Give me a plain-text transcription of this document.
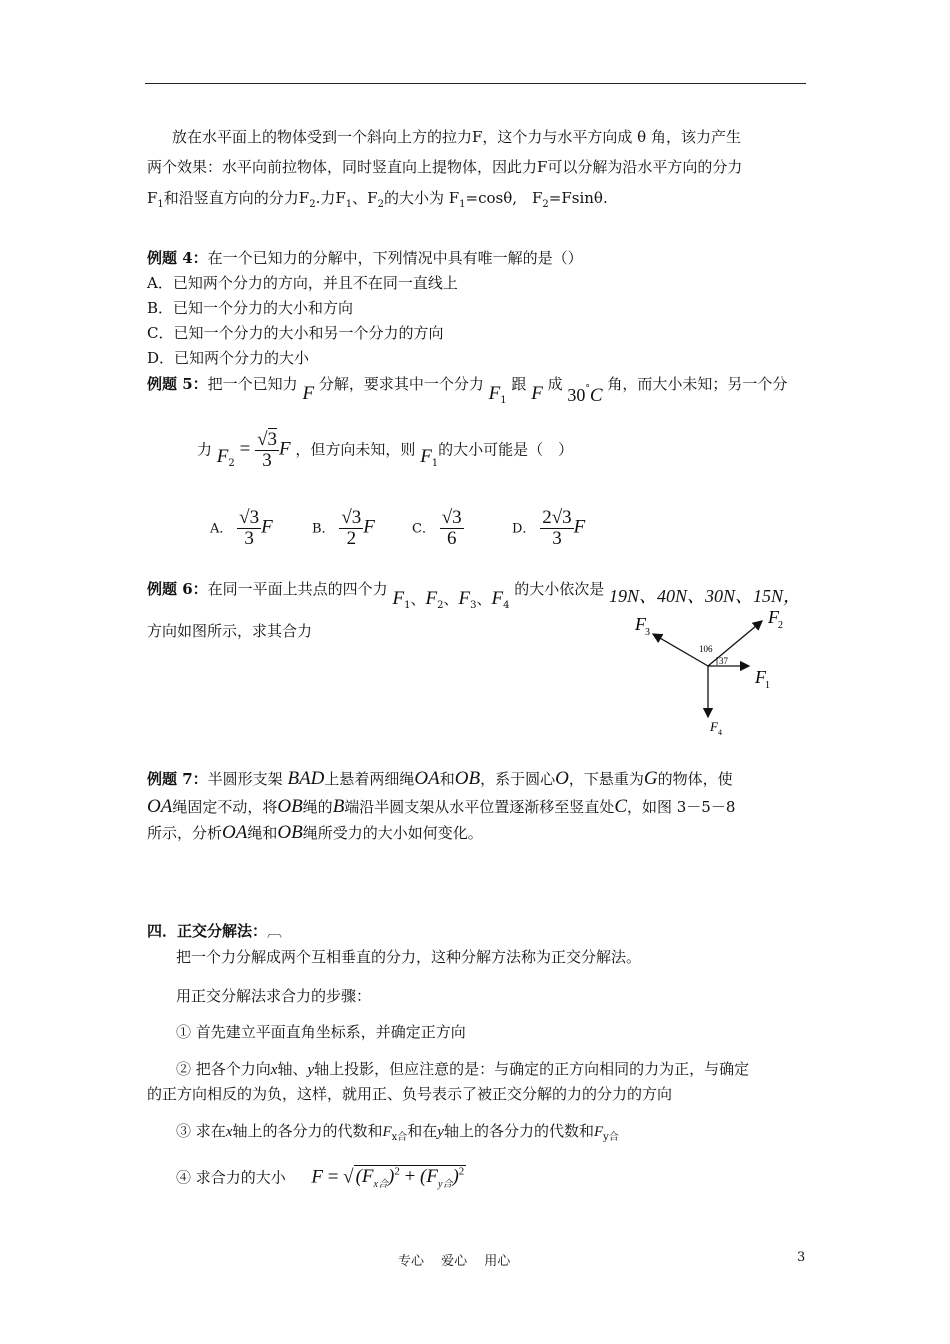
放在水平面上的物体受到一个斜向上方的拉力F，这个力与水平方向成 θ 角，该力产生
两个效果：水平向前拉物体，同时竖直向上提物体，因此力F可以分解为沿水平方向的分力
$F_1$和沿竖直方向的分力$F_2$.力$F_1$、$F_2$的大小为 $F_1=\cos\theta$,　$F_2=Fsin\theta$.
例题 4：在一个已知力的分解中，下列情况中具有唯一解的是（）
A．已知两个分力的方向，并且不在同一直线上
B．已知一个分力的大小和方向
C．已知一个分力的大小和另一个分力的方向
D．已知两个分力的大小
例题 5：把一个已知力 F 分解，要求其中一个分力 $F_1$ 跟 F 成 30°C 角，而大小未知；另一个分
力 $F_2 = \frac{√3}{3}$ F ，但方向未知，则 $F_1$的大小可能是（　）
A． $\frac{√3}{3}$ F	B． $\frac{√3}{2}$ F	C． $\frac{√3}{6}$	D． $\frac{2√3}{3}$ F
例题 6：在同一平面上共点的四个力 $F_1$、$F_2$、$F_3$、$F_4$ 的大小依次是 19N、40N、30N、15N，
方向如图所示，求其合力
F 1
F 2
F 3
F 4
106
37
例题 7：半圆形支架 BAD上悬着两细绳OA和OB，系于圆心O，下悬重为G的物体，使
OA绳固定不动，将OB绳的B端沿半圆支架从水平位置逐渐移至竖直处C，如图 3－5－8
所示，分析OA绳和OB绳所受力的大小如何变化。
四．正交分解法：︹
把一个力分解成两个互相垂直的分力，这种分解方法称为正交分解法。
用正交分解法求合力的步骤：
① 首先建立平面直角坐标系，并确定正方向
② 把各个力向x轴、y轴上投影，但应注意的是：与确定的正方向相同的力为正，与确定
的正方向相反的为负，这样，就用正、负号表示了被正交分解的力的分力的方向
③ 求在x轴上的各分力的代数和$F_{x合}$和在y轴上的各分力的代数和$F_{y合}$
④ 求合力的大小 F = √ $(F_{x合})^2 + (F_{y合})^2$
专心　 爱心　 用心	3
